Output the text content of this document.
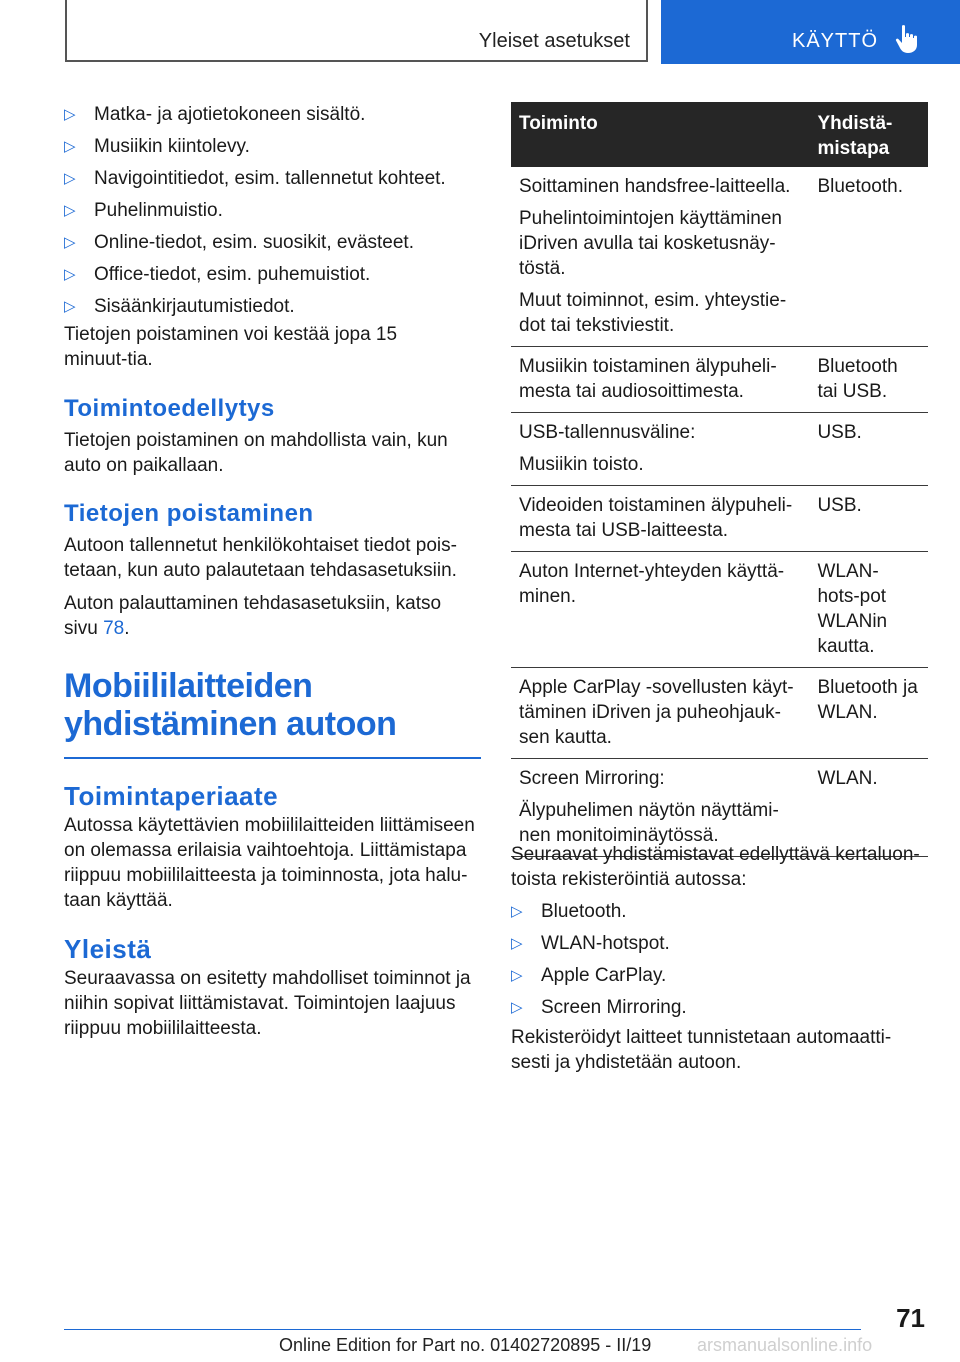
Yleiset asetukset	KÄYTTÖ
▷ Matka- ja ajotietokoneen sisältö.
▷ Musiikin kiintolevy.
▷ Navigointitiedot, esim. tallennetut kohteet.
▷ Puhelinmuistio.
▷ Online-tiedot, esim. suosikit, evästeet.
▷ Office-tiedot, esim. puhemuistiot.
▷ Sisäänkirjautumistiedot.

Tietojen poistaminen voi kestää jopa 15 minuut-tia.

Toimintoedellytys

Tietojen poistaminen on mahdollista vain, kun auto on paikallaan.

Tietojen poistaminen

Autoon tallennetut henkilökohtaiset tiedot pois-tetaan, kun auto palautetaan tehdasasetuksiin.

Auton palauttaminen tehdasasetuksiin, katso sivu 78.

Mobiililaitteiden yhdistäminen autoon
Toimintaperiaate

Autossa käytettävien mobiililaitteiden liittämiseen on olemassa erilaisia vaihtoehtoja. Liittämistapa riippuu mobiililaitteesta ja toiminnosta, jota halu-taan käyttää.

Yleistä

Seuraavassa on esitetty mahdolliset toiminnot ja niihin sopivat liittämistavat. Toimintojen laajuus riippuu mobiililaitteesta.

Toiminto	Yhdistä-mistapa

Soittaminen handsfree-laitteella.
Puhelintoimintojen käyttäminen iDriven avulla tai kosketusnäy-töstä.
Muut toiminnot, esim. yhteystie-dot tai tekstiviestit.	Bluetooth.

Musiikin toistaminen älypuheli-mesta tai audiosoittimesta.	Bluetooth tai USB.

USB-tallennusväline:
Musiikin toisto.	USB.

Videoiden toistaminen älypuheli-mesta tai USB-laitteesta.	USB.

Auton Internet-yhteyden käyttä-minen.	WLAN-hots-pot WLANin kautta.

Apple CarPlay -sovellusten käyt-täminen iDriven ja puheohjauk-sen kautta.	Bluetooth ja WLAN.

Screen Mirroring:
Älypuhelimen näytön näyttämi-nen monitoiminäytössä.	WLAN.

Seuraavat yhdistämistavat edellyttävä kertaluon-toista rekisteröintiä autossa:

▷ Bluetooth.
▷ WLAN-hotspot.
▷ Apple CarPlay.
▷ Screen Mirroring.

Rekisteröidyt laitteet tunnistetaan automaatti-sesti ja yhdistetään autoon.

71
Online Edition for Part no. 01402720895 - II/19	arsmanualsonline.info
